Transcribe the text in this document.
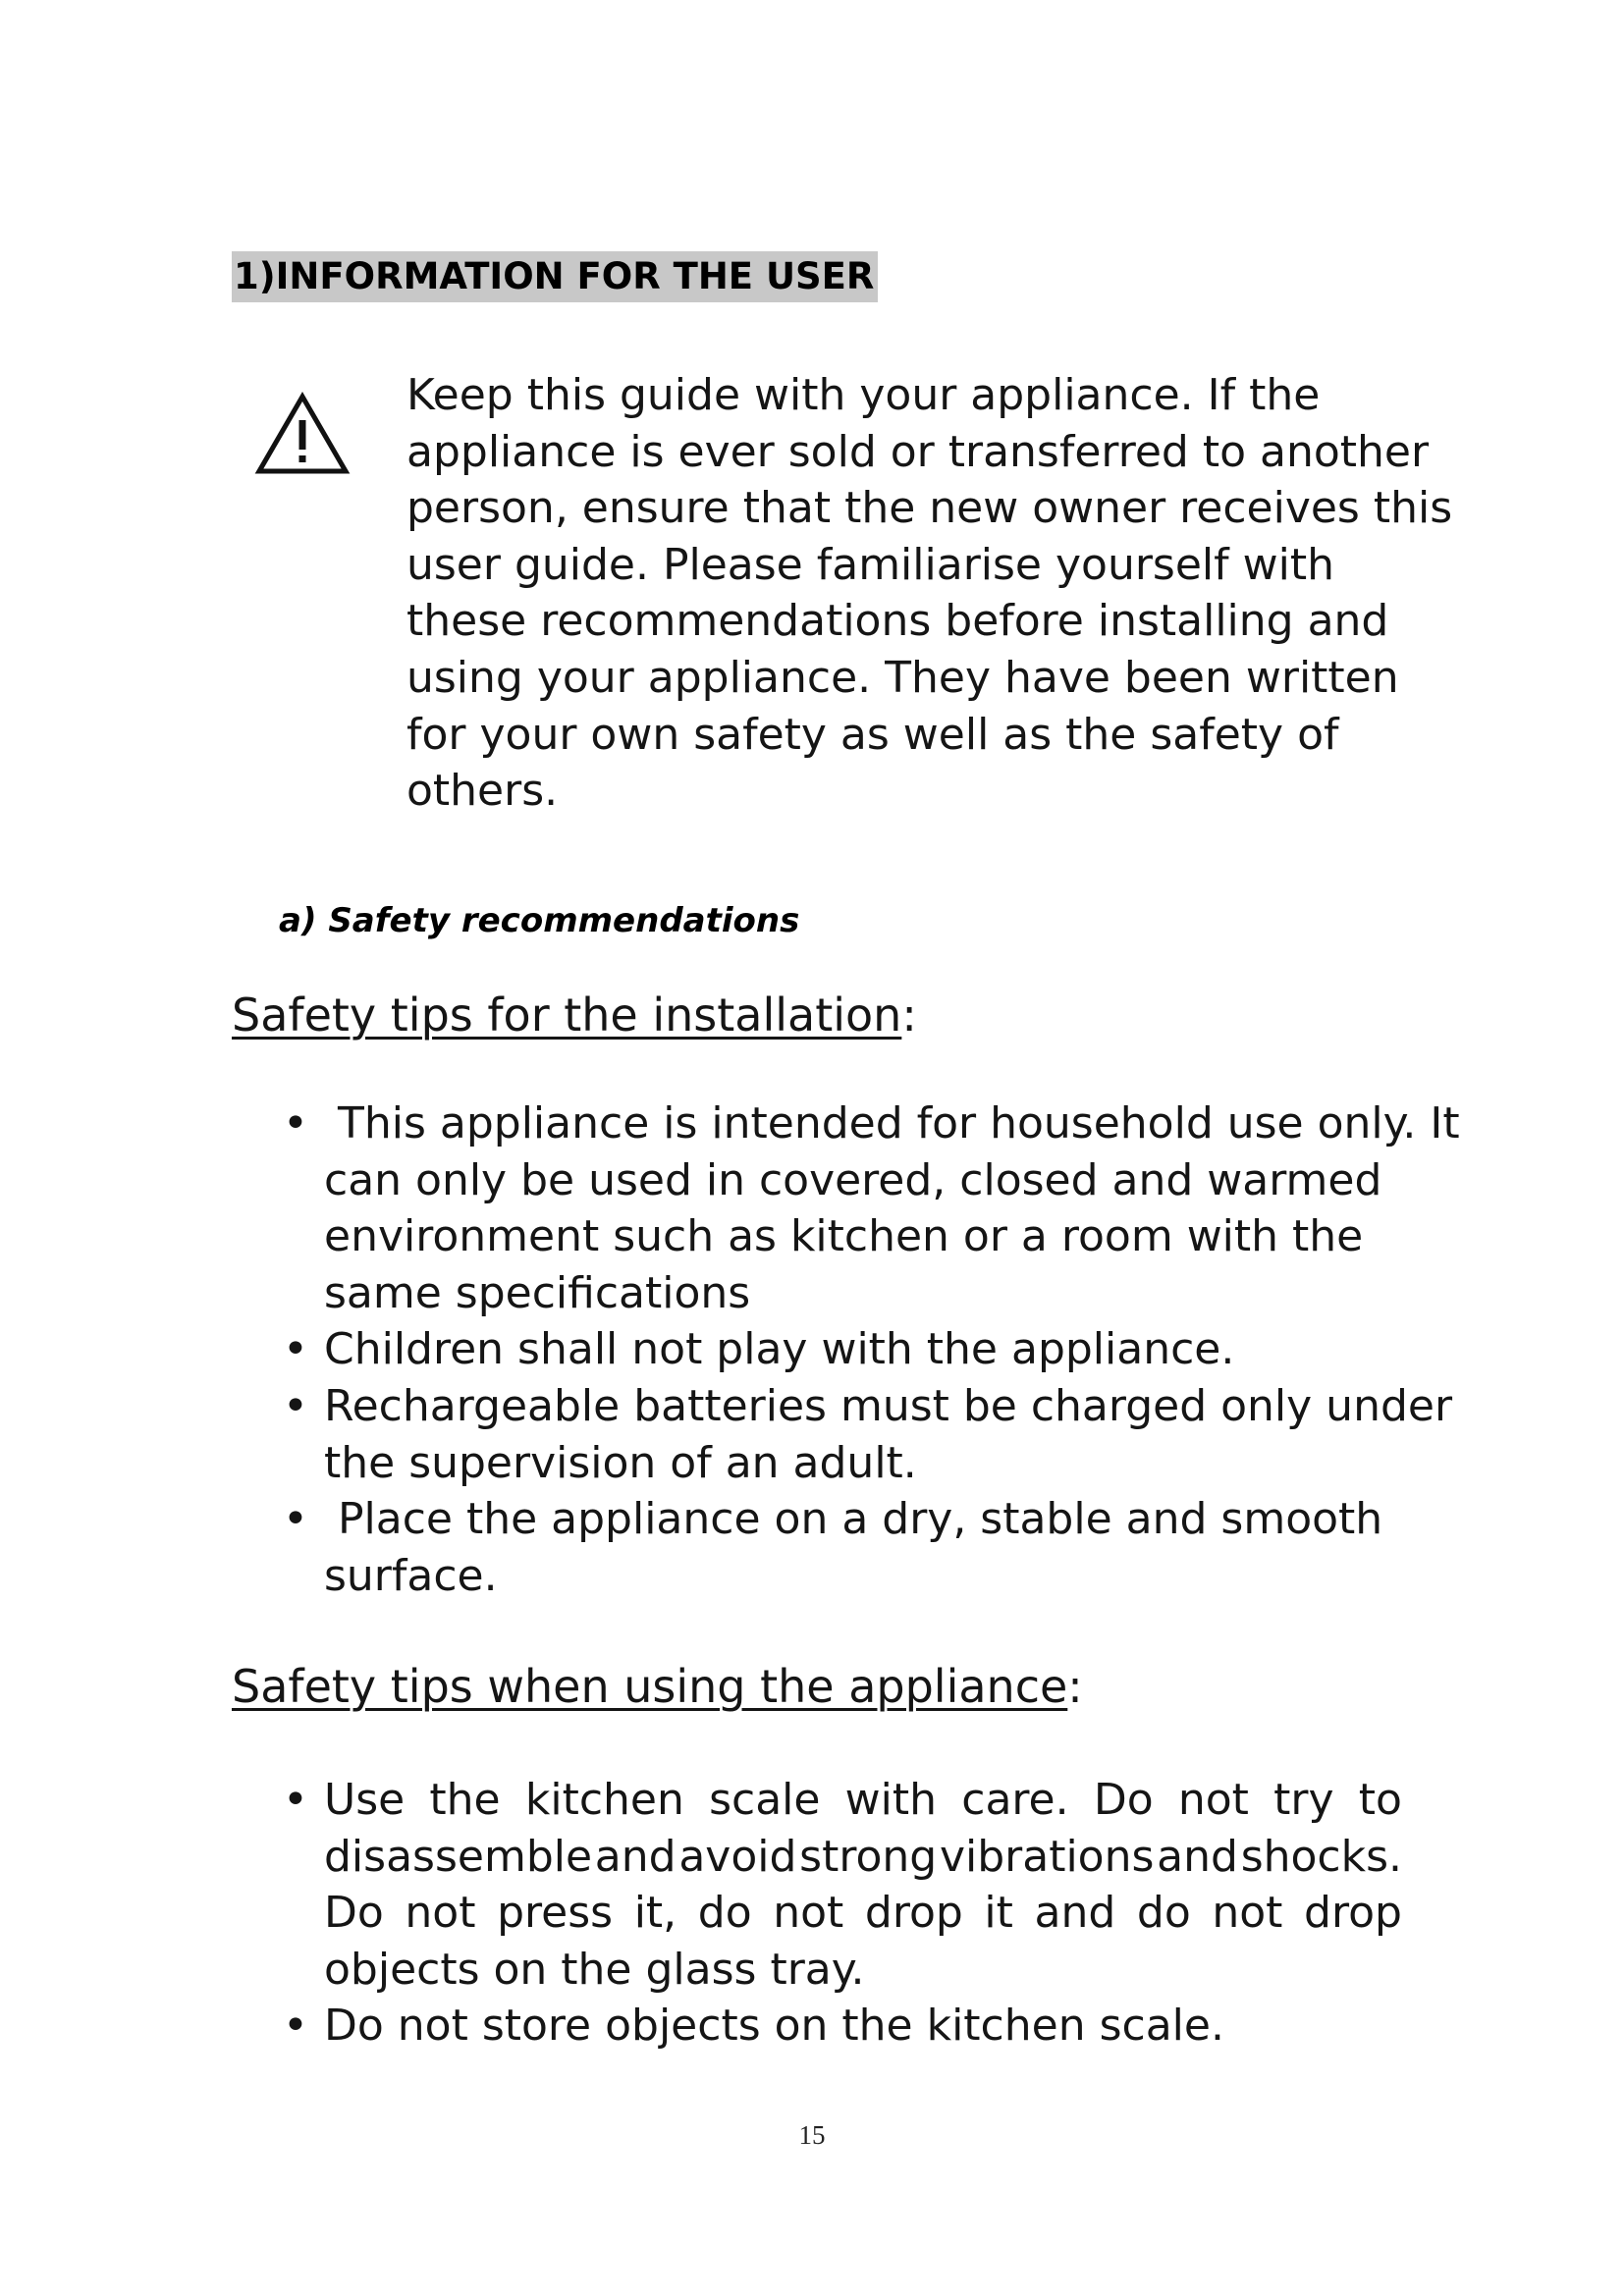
1)INFORMATION FOR THE USER
Keep this guide with your appliance. If the
appliance is ever sold or transferred to another
person, ensure that the new owner receives this
user guide. Please familiarise yourself with
these recommendations before installing and
using your appliance. They have been written
for your own safety as well as the safety of
others.
a) Safety recommendations
Safety tips for the installation:
• This appliance is intended for household use only. It
can only be used in covered, closed and warmed
environment such as kitchen or a room with the
same specifications
• Children shall not play with the appliance.
• Rechargeable batteries must be charged only under
the supervision of an adult.
• Place the appliance on a dry, stable and smooth
surface.
Safety tips when using the appliance:
• Use the kitchen scale with care. Do not try to
disassemble and avoid strong vibrations and shocks.
Do not press it, do not drop it and do not drop
objects on the glass tray.
• Do not store objects on the kitchen scale.
15
